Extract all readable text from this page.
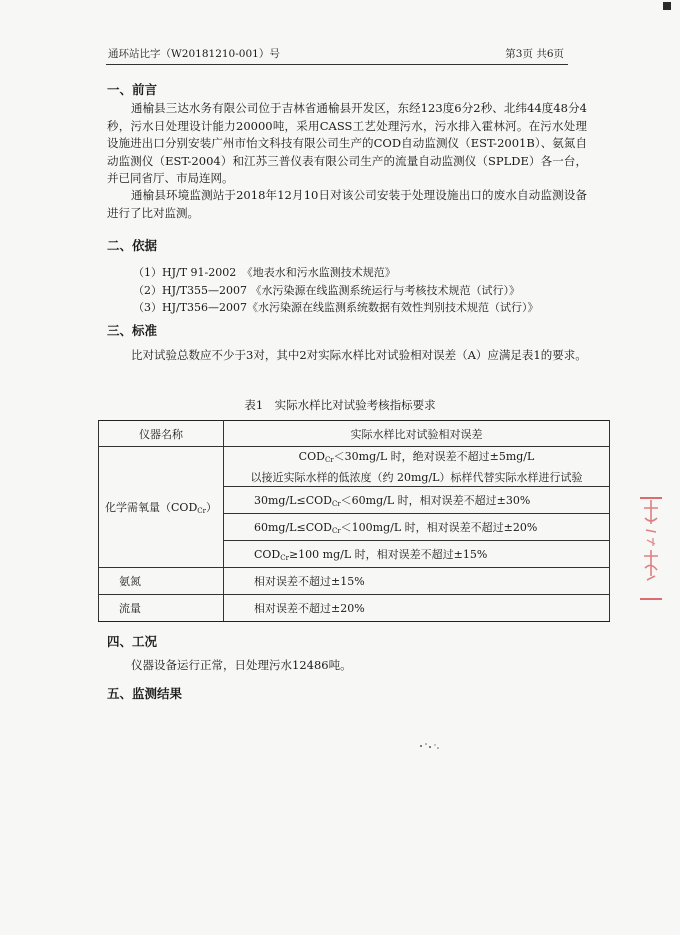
通环站比字（W20181210-001）号	第3页 共6页
一、前言

通榆县三达水务有限公司位于吉林省通榆县开发区，东经123度6分2秒、北纬44度48分4秒，污水日处理设计能力20000吨，采用CASS工艺处理污水，污水排入霍林河。在污水处理设施进出口分别安装广州市怡文科技有限公司生产的COD自动监测仪（EST-2001B）、氨氮自动监测仪（EST-2004）和江苏三普仪表有限公司生产的流量自动监测仪（SPLDE）各一台，并已同省厅、市局连网。

通榆县环境监测站于2018年12月10日对该公司安装于处理设施出口的废水自动监测设备进行了比对监测。

二、依据
（1）HJ/T 91-2002　《地表水和污水监测技术规范》
（2）HJ/T355—2007 《水污染源在线监测系统运行与考核技术规范（试行）》
（3）HJ/T356—2007《水污染源在线监测系统数据有效性判别技术规范（试行）》
三、标准

比对试验总数应不少于3对，其中2对实际水样比对试验相对误差（A）应满足表1的要求。

表1　实际水样比对试验考核指标要求
仪器名称	实际水样比对试验相对误差
化学需氧量$(COD_{Cr})$	$COD_{Cr}<30mg/L$ 时，绝对误差不超过±5mg/L
以接近实际水样的低浓度（约 20mg/L）标样代替实际水样进行试验
	$30mg/L\le COD_{Cr}<60mg/L$ 时，相对误差不超过±30%
	$60mg/L\le COD_{Cr}<100mg/L$ 时，相对误差不超过±20%
	$COD_{Cr}\ge 100$ mg/L 时，相对误差不超过±15%
氨氮	相对误差不超过±15%
流量	相对误差不超过±20%
四、工况

仪器设备运行正常，日处理污水12486吨。

五、监测结果
